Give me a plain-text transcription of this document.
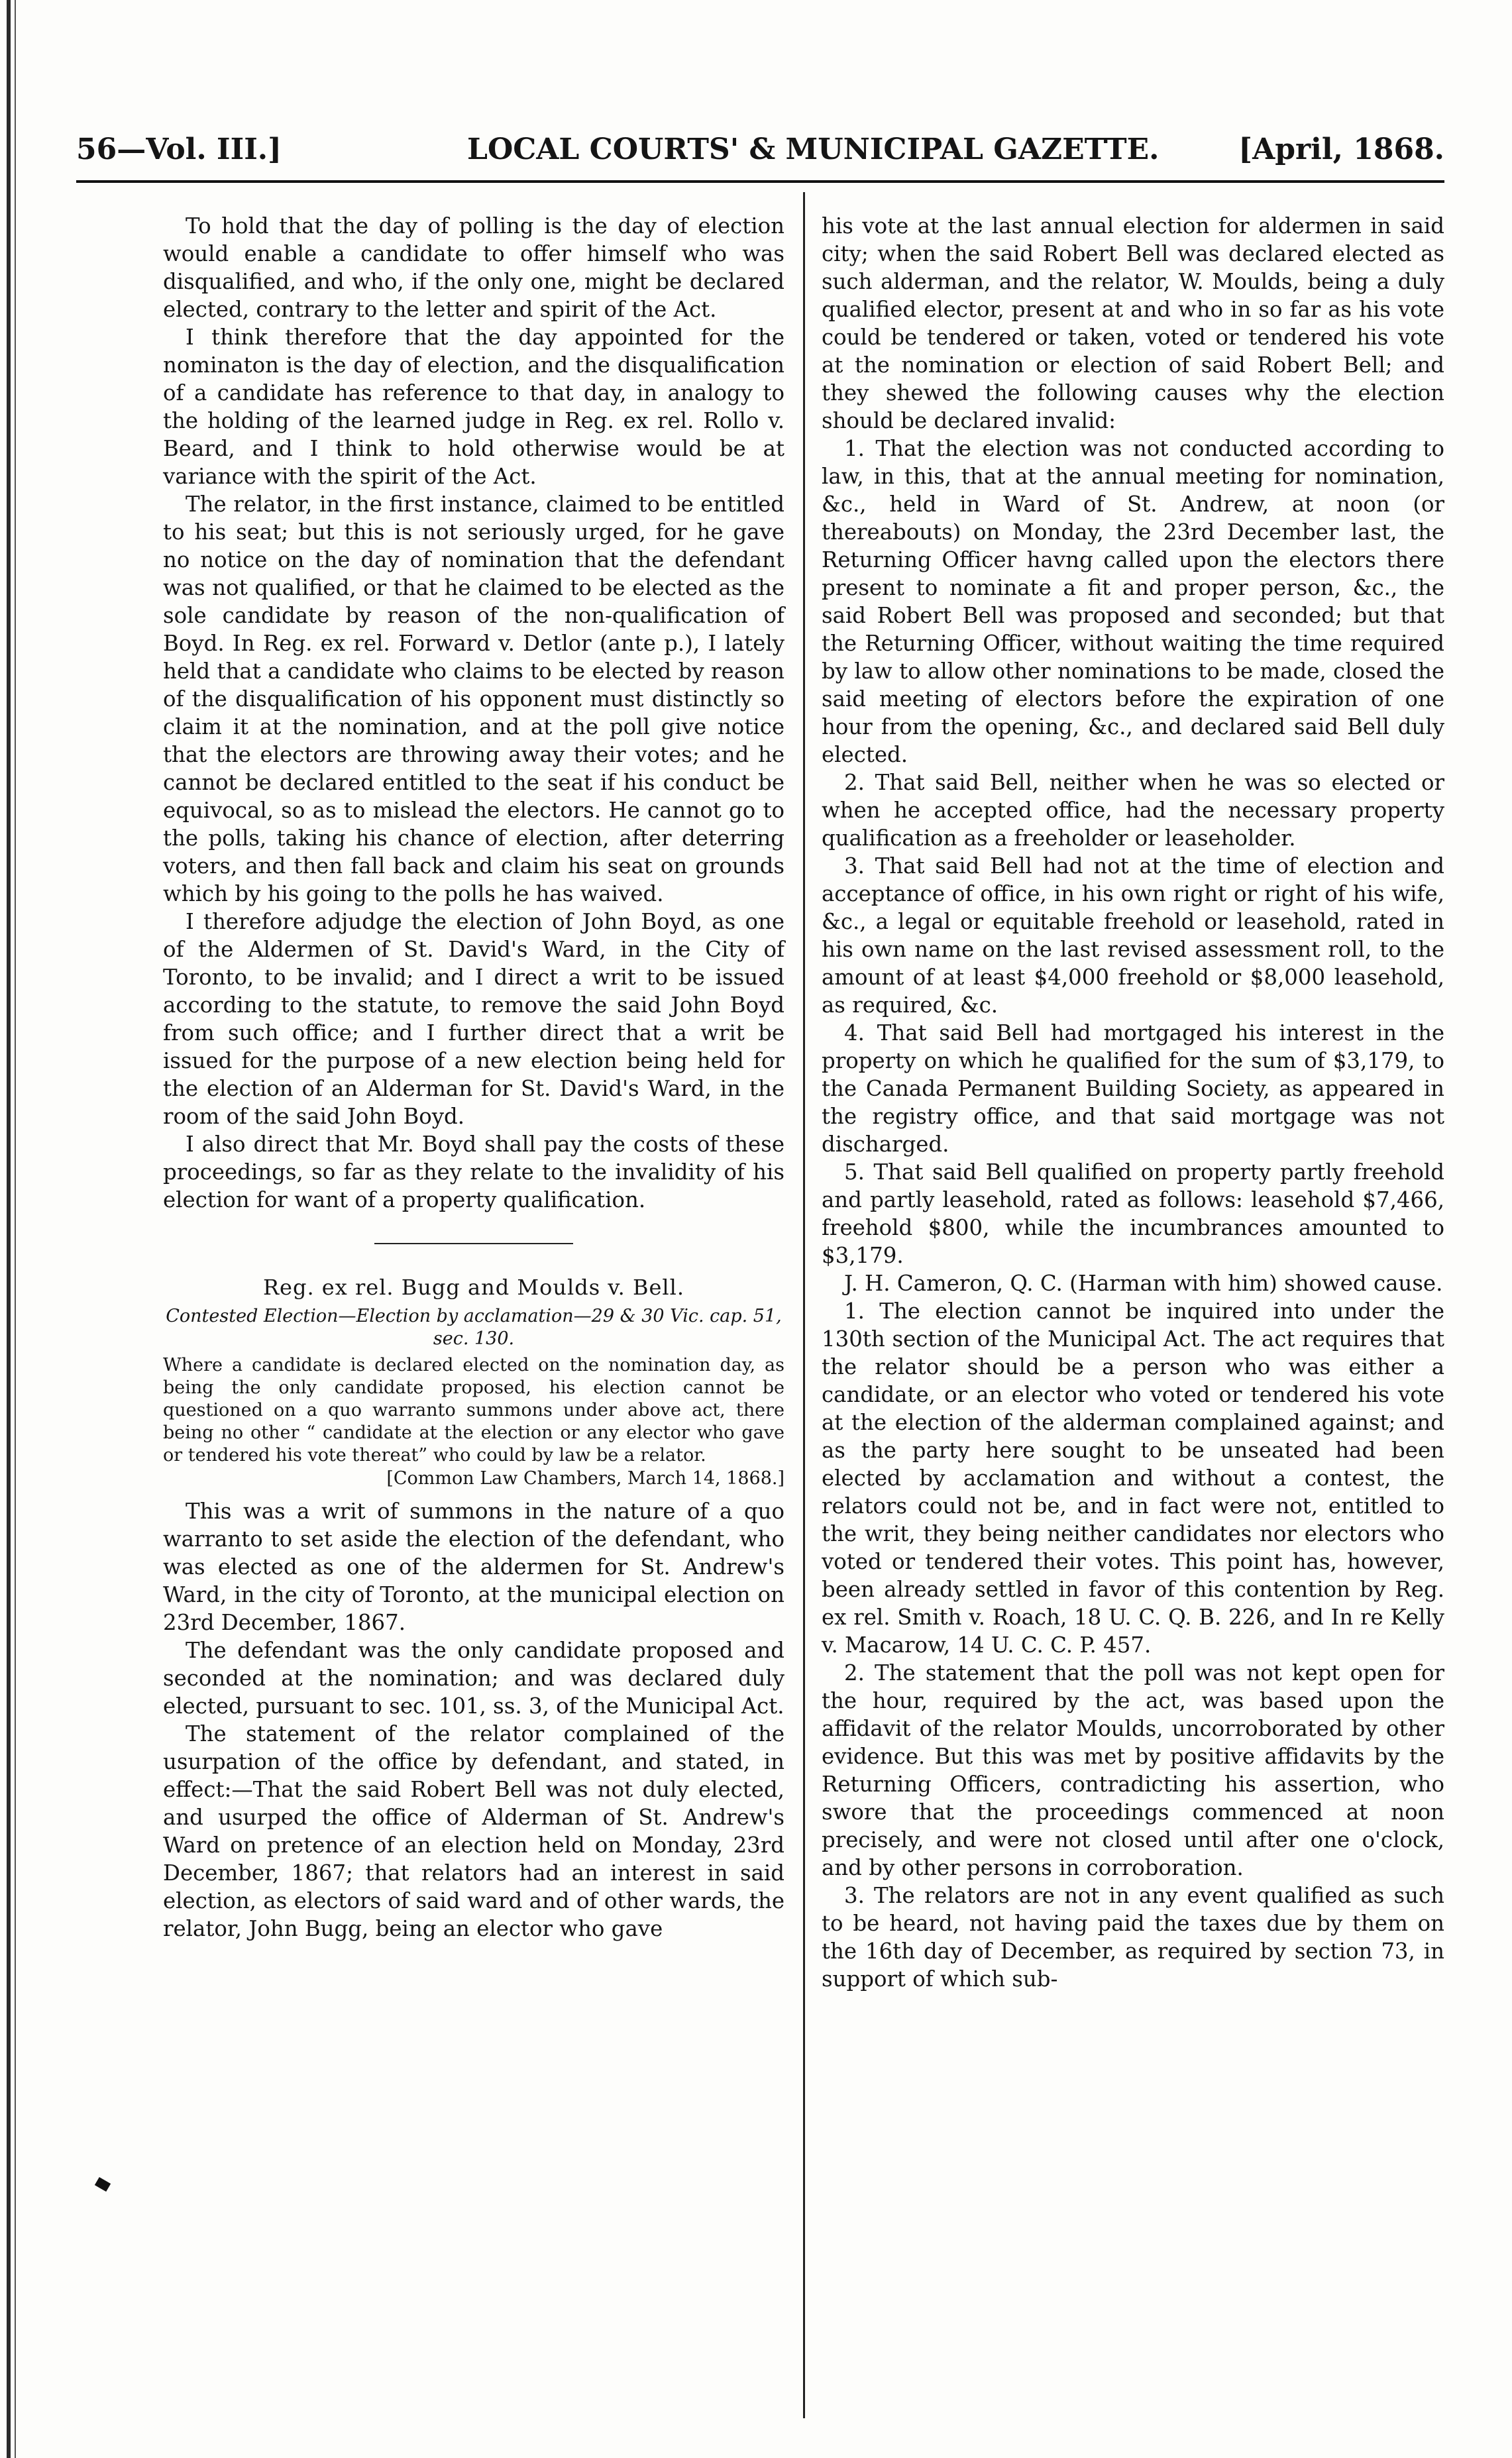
56—Vol. III.]	LOCAL COURTS' & MUNICIPAL GAZETTE.	[April, 1868.

To hold that the day of polling is the day of election would enable a candidate to offer himself who was disqualified, and who, if the only one, might be declared elected, contrary to the letter and spirit of the Act.

I think therefore that the day appointed for the nominaton is the day of election, and the disqualification of a candidate has reference to that day, in analogy to the holding of the learned judge in Reg. ex rel. Rollo v. Beard, and I think to hold otherwise would be at variance with the spirit of the Act.

The relator, in the first instance, claimed to be entitled to his seat; but this is not seriously urged, for he gave no notice on the day of nomination that the defendant was not qualified, or that he claimed to be elected as the sole candidate by reason of the non-qualification of Boyd. In Reg. ex rel. Forward v. Detlor (ante p.), I lately held that a candidate who claims to be elected by reason of the disqualification of his opponent must distinctly so claim it at the nomination, and at the poll give notice that the electors are throwing away their votes; and he cannot be declared entitled to the seat if his conduct be equivocal, so as to mislead the electors. He cannot go to the polls, taking his chance of election, after deterring voters, and then fall back and claim his seat on grounds which by his going to the polls he has waived.

I therefore adjudge the election of John Boyd, as one of the Aldermen of St. David's Ward, in the City of Toronto, to be invalid; and I direct a writ to be issued according to the statute, to remove the said John Boyd from such office; and I further direct that a writ be issued for the purpose of a new election being held for the election of an Alderman for St. David's Ward, in the room of the said John Boyd.

I also direct that Mr. Boyd shall pay the costs of these proceedings, so far as they relate to the invalidity of his election for want of a property qualification.

Reg. ex rel. Bugg and Moulds v. Bell.
Contested Election—Election by acclamation—29 & 30 Vic. cap. 51, sec. 130.
Where a candidate is declared elected on the nomination day, as being the only candidate proposed, his election cannot be questioned on a quo warranto summons under above act, there being no other “ candidate at the election or any elector who gave or tendered his vote thereat” who could by law be a relator.
[Common Law Chambers, March 14, 1868.]

This was a writ of summons in the nature of a quo warranto to set aside the election of the defendant, who was elected as one of the aldermen for St. Andrew's Ward, in the city of Toronto, at the municipal election on 23rd December, 1867.

The defendant was the only candidate proposed and seconded at the nomination; and was declared duly elected, pursuant to sec. 101, ss. 3, of the Municipal Act.

The statement of the relator complained of the usurpation of the office by defendant, and stated, in effect:—That the said Robert Bell was not duly elected, and usurped the office of Alderman of St. Andrew's Ward on pretence of an election held on Monday, 23rd December, 1867; that relators had an interest in said election, as electors of said ward and of other wards, the relator, John Bugg, being an elector who gave

his vote at the last annual election for aldermen in said city; when the said Robert Bell was declared elected as such alderman, and the relator, W. Moulds, being a duly qualified elector, present at and who in so far as his vote could be tendered or taken, voted or tendered his vote at the nomination or election of said Robert Bell; and they shewed the following causes why the election should be declared invalid:

1. That the election was not conducted according to law, in this, that at the annual meeting for nomination, &c., held in Ward of St. Andrew, at noon (or thereabouts) on Monday, the 23rd December last, the Returning Officer havng called upon the electors there present to nominate a fit and proper person, &c., the said Robert Bell was proposed and seconded; but that the Returning Officer, without waiting the time required by law to allow other nominations to be made, closed the said meeting of electors before the expiration of one hour from the opening, &c., and declared said Bell duly elected.

2. That said Bell, neither when he was so elected or when he accepted office, had the necessary property qualification as a freeholder or leaseholder.

3. That said Bell had not at the time of election and acceptance of office, in his own right or right of his wife, &c., a legal or equitable freehold or leasehold, rated in his own name on the last revised assessment roll, to the amount of at least $4,000 freehold or $8,000 leasehold, as required, &c.

4. That said Bell had mortgaged his interest in the property on which he qualified for the sum of $3,179, to the Canada Permanent Building Society, as appeared in the registry office, and that said mortgage was not discharged.

5. That said Bell qualified on property partly freehold and partly leasehold, rated as follows: leasehold $7,466, freehold $800, while the incumbrances amounted to $3,179.

J. H. Cameron, Q. C. (Harman with him) showed cause.

1. The election cannot be inquired into under the 130th section of the Municipal Act. The act requires that the relator should be a person who was either a candidate, or an elector who voted or tendered his vote at the election of the alderman complained against; and as the party here sought to be unseated had been elected by acclamation and without a contest, the relators could not be, and in fact were not, entitled to the writ, they being neither candidates nor electors who voted or tendered their votes. This point has, however, been already settled in favor of this contention by Reg. ex rel. Smith v. Roach, 18 U. C. Q. B. 226, and In re Kelly v. Macarow, 14 U. C. C. P. 457.

2. The statement that the poll was not kept open for the hour, required by the act, was based upon the affidavit of the relator Moulds, uncorroborated by other evidence. But this was met by positive affidavits by the Returning Officers, contradicting his assertion, who swore that the proceedings commenced at noon precisely, and were not closed until after one o'clock, and by other persons in corroboration.

3. The relators are not in any event qualified as such to be heard, not having paid the taxes due by them on the 16th day of December, as required by section 73, in support of which sub-
